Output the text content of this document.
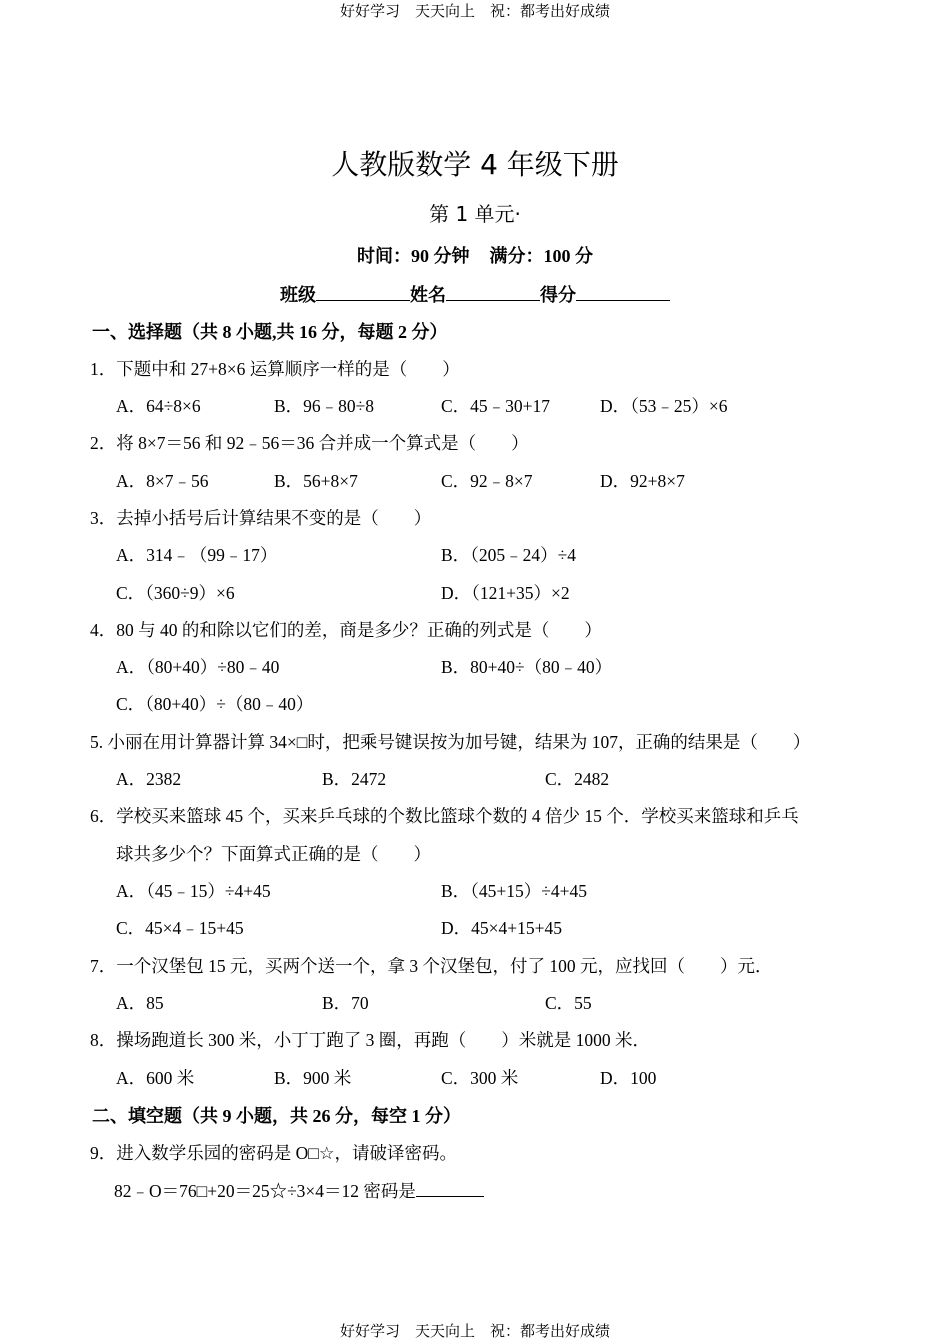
好好学习　天天向上　祝：都考出好成绩
人教版数学 4 年级下册
第 1 单元·
时间：90 分钟 满分：100 分
班级	姓名	得分
一、选择题（共 8 小题,共 16 分，每题 2 分）
1．下题中和 27+8×6 运算顺序一样的是（　　）
A．64÷8×6	B．96﹣80÷8	C．45﹣30+17	D．（53﹣25）×6
2．将 8×7＝56 和 92﹣56＝36 合并成一个算式是（　　）
A．8×7﹣56	B．56+8×7	C．92﹣8×7	D．92+8×7
3．去掉小括号后计算结果不变的是（　　）
A．314﹣（99﹣17）	B．（205﹣24）÷4
C．（360÷9）×6	D．（121+35）×2
4．80 与 40 的和除以它们的差，商是多少？正确的列式是（　　）
A．（80+40）÷80﹣40	B．80+40÷（80﹣40）
C．（80+40）÷（80﹣40）
5. 小丽在用计算器计算 34×□时，把乘号键误按为加号键，结果为 107，正确的结果是（　　）
A．2382	B．2472	C．2482
6．学校买来篮球 45 个，买来乒乓球的个数比篮球个数的 4 倍少 15 个．学校买来篮球和乒乓
球共多少个？下面算式正确的是（　　）
A．（45﹣15）÷4+45	B．（45+15）÷4+45
C．45×4﹣15+45	D．45×4+15+45
7．一个汉堡包 15 元，买两个送一个，拿 3 个汉堡包，付了 100 元，应找回（　　）元．
A．85	B．70	C．55
8．操场跑道长 300 米，小丁丁跑了 3 圈，再跑（　　）米就是 1000 米．
A．600 米	B．900 米	C．300 米	D．100
二、填空题（共 9 小题，共 26 分，每空 1 分）
9．进入数学乐园的密码是 O□☆，请破译密码。
82﹣O＝76□+20＝25☆÷3×4＝12 密码是
好好学习　天天向上　祝：都考出好成绩
